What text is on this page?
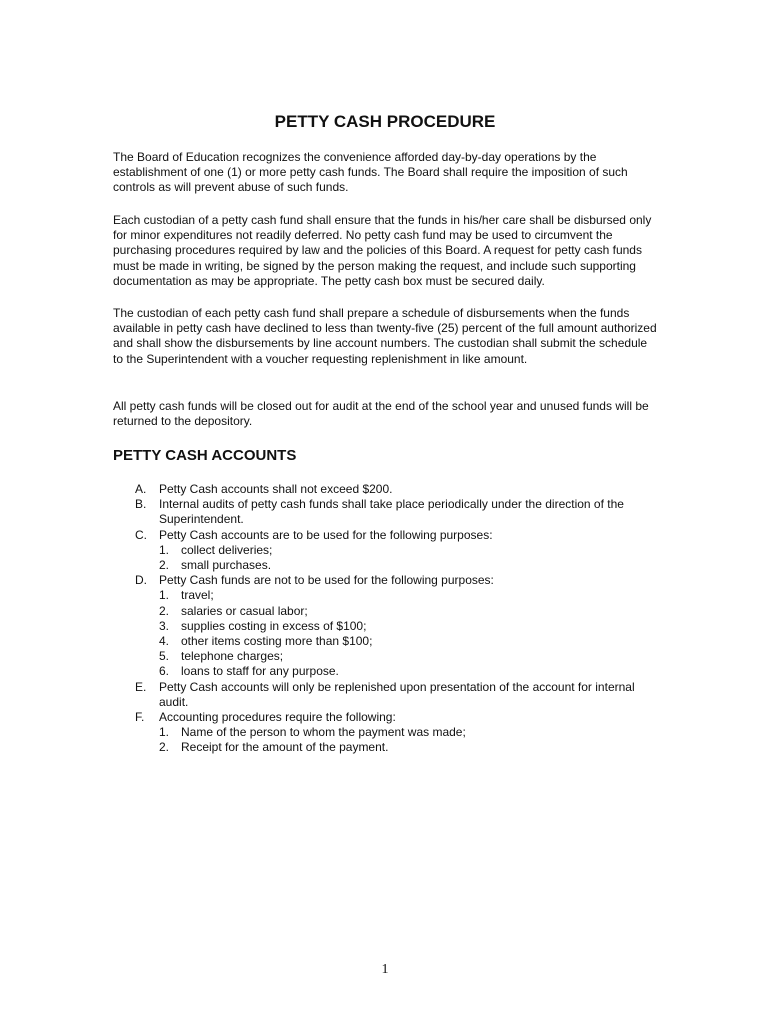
PETTY CASH PROCEDURE

The Board of Education recognizes the convenience afforded day-by-day operations by the establishment of one (1) or more petty cash funds. The Board shall require the imposition of such controls as will prevent abuse of such funds.

Each custodian of a petty cash fund shall ensure that the funds in his/her care shall be disbursed only for minor expenditures not readily deferred. No petty cash fund may be used to circumvent the purchasing procedures required by law and the policies of this Board. A request for petty cash funds must be made in writing, be signed by the person making the request, and include such supporting documentation as may be appropriate. The petty cash box must be secured daily.

The custodian of each petty cash fund shall prepare a schedule of disbursements when the funds available in petty cash have declined to less than twenty-five (25) percent of the full amount authorized and shall show the disbursements by line account numbers. The custodian shall submit the schedule to the Superintendent with a voucher requesting replenishment in like amount.

All petty cash funds will be closed out for audit at the end of the school year and unused funds will be returned to the depository.

PETTY CASH ACCOUNTS
A. Petty Cash accounts shall not exceed $200.
B. Internal audits of petty cash funds shall take place periodically under the direction of the Superintendent.
C. Petty Cash accounts are to be used for the following purposes:
1. collect deliveries;
2. small purchases.
D. Petty Cash funds are not to be used for the following purposes:
1. travel;
2. salaries or casual labor;
3. supplies costing in excess of $100;
4. other items costing more than $100;
5. telephone charges;
6. loans to staff for any purpose.
E. Petty Cash accounts will only be replenished upon presentation of the account for internal audit.
F. Accounting procedures require the following:
1. Name of the person to whom the payment was made;
2. Receipt for the amount of the payment.
1
